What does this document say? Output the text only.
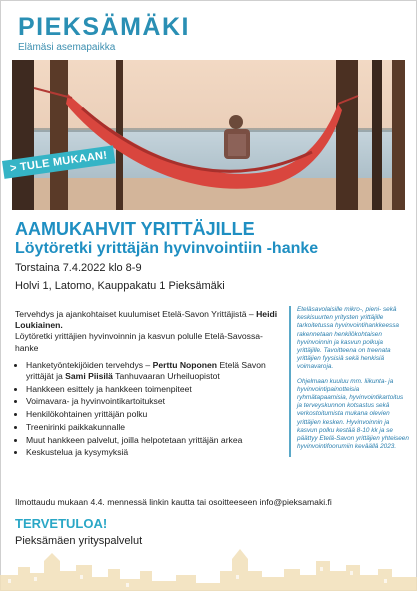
PIEKSÄMÄKI
Elämäsi asemapaikka
> TULE MUKAAN!
AAMUKAHVIT YRITTÄJILLE
Löytöretki yrittäjän hyvinvointiin -hanke
Torstaina 7.4.2022 klo 8-9
Holvi 1, Latomo, Kauppakatu 1 Pieksämäki

Tervehdys ja ajankohtaiset kuulumiset Etelä-Savon Yrittäjistä – Heidi Loukiainen.

Löytöretki yrittäjien hyvinvoinnin ja kasvun polulle Etelä-Savossa-hanke

• Hanketyöntekijöiden tervehdys – Perttu Noponen Etelä Savon yrittäjät ja Sami Piisilä Tanhuvaaran Urheiluopistot
• Hankkeen esittely ja hankkeen toimenpiteet
• Voimavara- ja hyvinvointikartoitukset
• Henkilökohtainen yrittäjän polku
• Treenirinki paikkakunnalle
• Muut hankkeen palvelut, joilla helpotetaan yrittäjän arkea
• Keskustelua ja kysymyksiä

Eteläsavolaisille mikro-, pieni- sekä keskisuurten yritysten yrittäjille tarkoitetussa hyvinvointihankkeessa rakennetaan henkilökohtaisen hyvinvoinnin ja kasvun polkuja yrittäjille. Tavoitteena on treenata yrittäjien fyysisiä sekä henkisiä voimavaroja.

Ohjelmaan kuuluu mm. liikunta- ja hyvinvointipainotteisia ryhmätapaamisia, hyvinvointikartoitus ja terveyskunnon kotsastus sekä verkostoitumista mukana olevien yrittäjien kesken. Hyvinvoinnin ja kasvun polku kestää 8-10 kk ja se päättyy Etelä-Savon yrittäjien yhteiseen hyvinvointifoorumiin keväällä 2023.

Ilmottaudu mukaan 4.4. mennessä linkin kautta tai osoitteeseen info@pieksamaki.fi
TERVETULOA!
Pieksämäen yrityspalvelut
